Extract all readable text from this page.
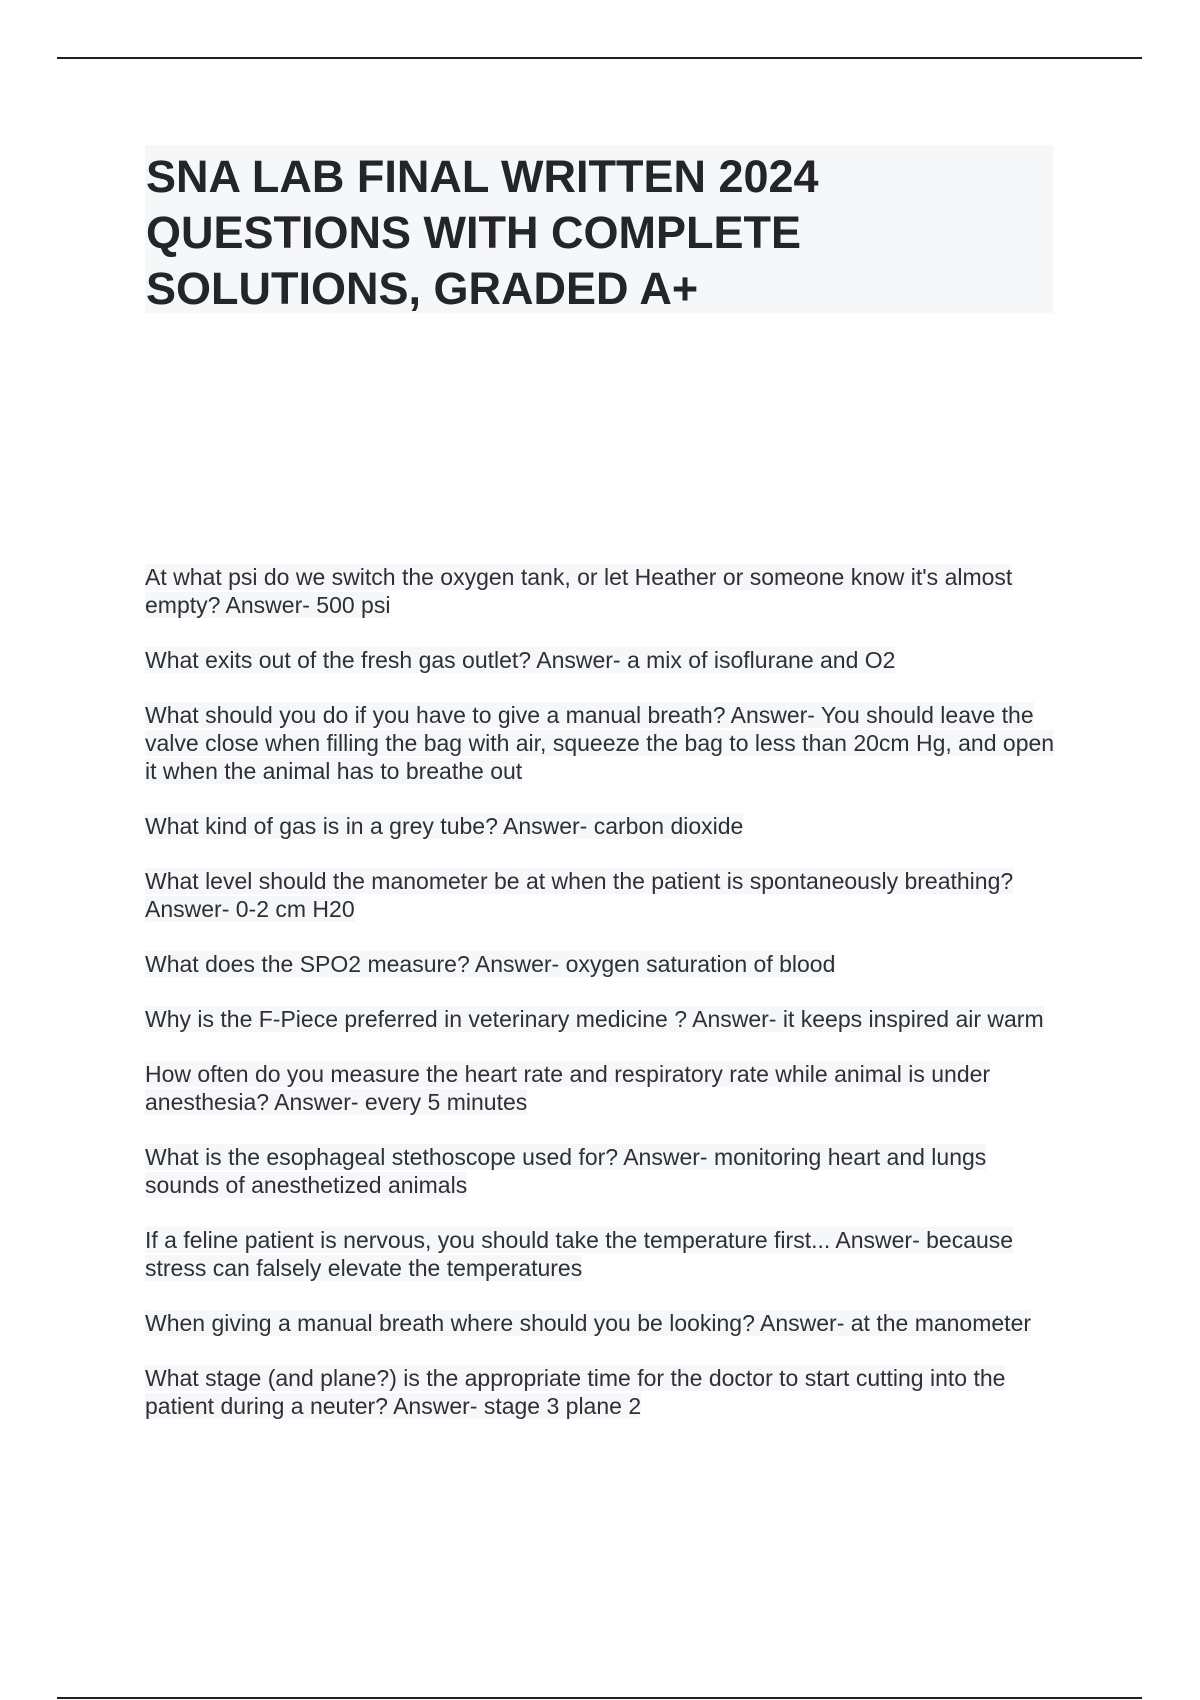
SNA LAB FINAL WRITTEN 2024 QUESTIONS WITH COMPLETE SOLUTIONS, GRADED A+
At what psi do we switch the oxygen tank, or let Heather or someone know it's almost empty? Answer- 500 psi
What exits out of the fresh gas outlet? Answer- a mix of isoflurane and O2
What should you do if you have to give a manual breath? Answer- You should leave the valve close when filling the bag with air, squeeze the bag to less than 20cm Hg, and open it when the animal has to breathe out
What kind of gas is in a grey tube? Answer- carbon dioxide
What level should the manometer be at when the patient is spontaneously breathing? Answer- 0-2 cm H20
What does the SPO2 measure? Answer- oxygen saturation of blood
Why is the F-Piece preferred in veterinary medicine ? Answer- it keeps inspired air warm
How often do you measure the heart rate and respiratory rate while animal is under anesthesia? Answer- every 5 minutes
What is the esophageal stethoscope used for? Answer- monitoring heart and lungs sounds of anesthetized animals
If a feline patient is nervous, you should take the temperature first... Answer- because stress can falsely elevate the temperatures
When giving a manual breath where should you be looking? Answer- at the manometer
What stage (and plane?) is the appropriate time for the doctor to start cutting into the patient during a neuter? Answer- stage 3 plane 2
